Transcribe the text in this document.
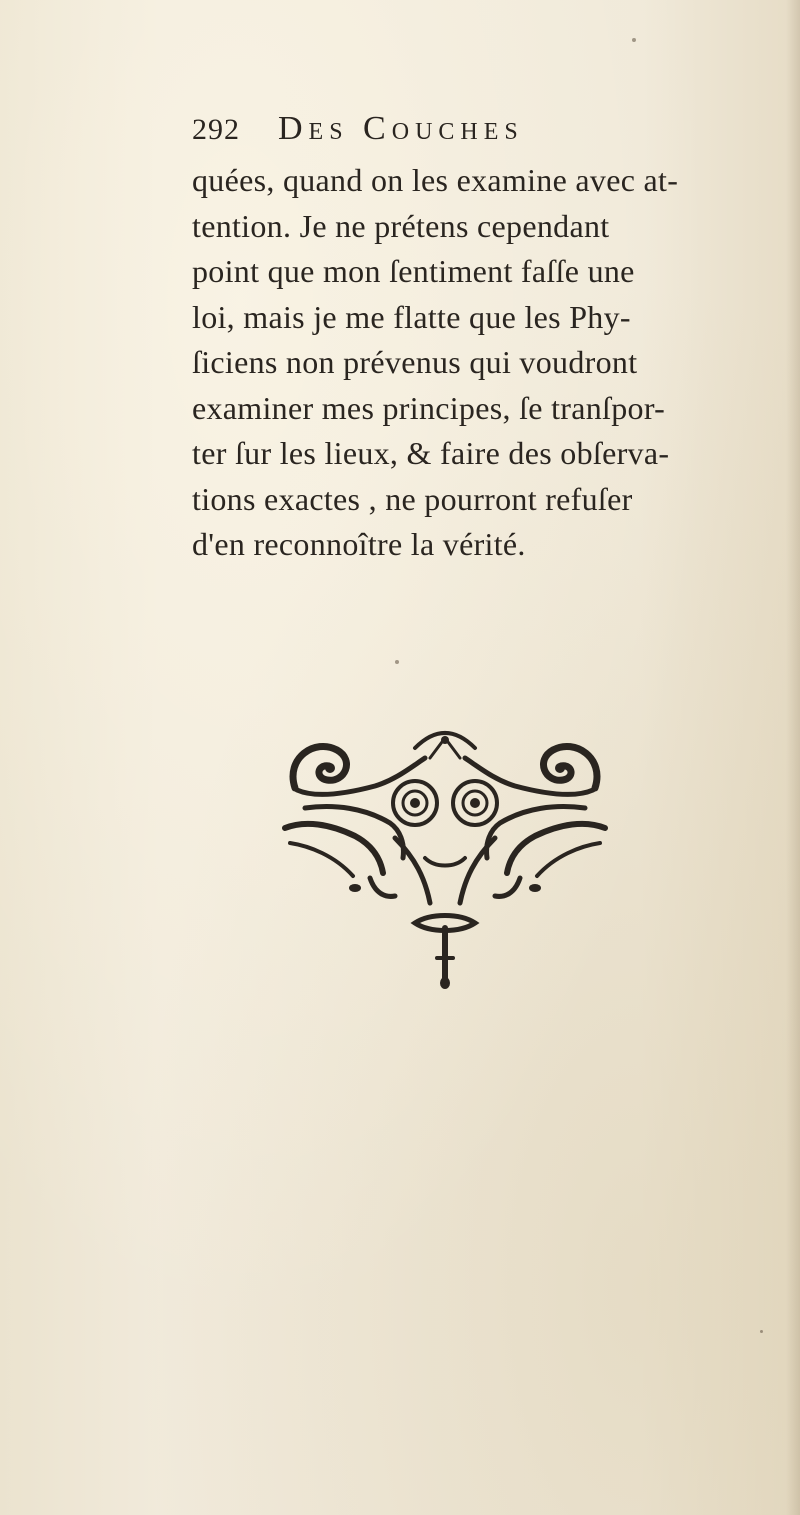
292 Des Couches
quées, quand on les examine avec at-
tention. Je ne prétens cependant
point que mon ſentiment faſſe une
loi, mais je me flatte que les Phy-
ſiciens non prévenus qui voudront
examiner mes principes, ſe tranſpor-
ter ſur les lieux, & faire des obſerva-
tions exactes , ne pourront refuſer
d'en reconnoître la vérité.
